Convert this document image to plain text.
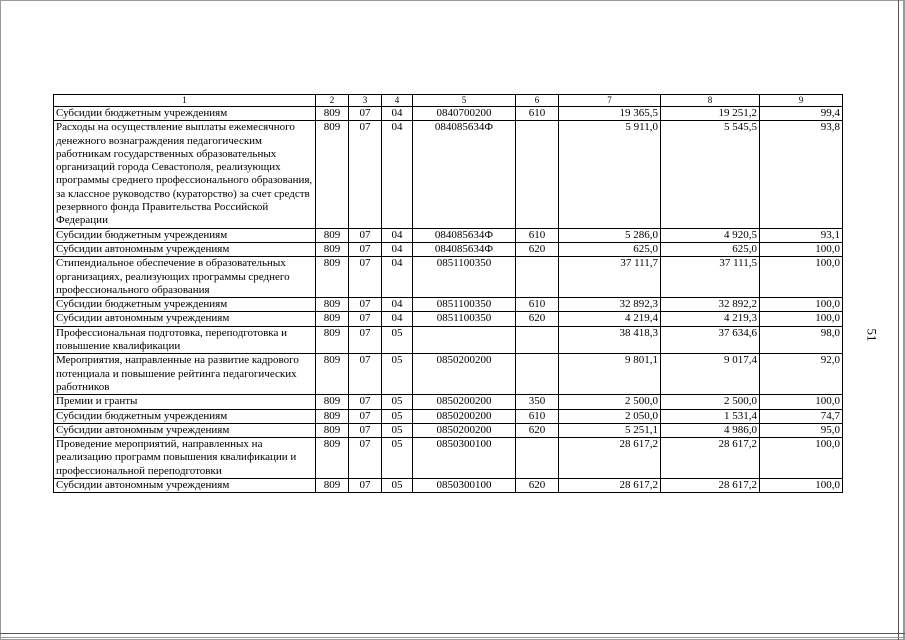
1	2	3	4	5	6	7	8	9
Субсидии бюджетным учреждениям	809	07	04	0840700200	610	19 365,5	19 251,2	99,4
Расходы на осуществление выплаты ежемесячного денежного вознаграждения педагогическим работникам государственных образовательных организаций города Севастополя, реализующих программы среднего профессионального образования, за классное руководство (кураторство) за счет средств резервного фонда Правительства Российской Федерации	809	07	04	084085634Ф		5 911,0	5 545,5	93,8
Субсидии бюджетным учреждениям	809	07	04	084085634Ф	610	5 286,0	4 920,5	93,1
Субсидии автономным учреждениям	809	07	04	084085634Ф	620	625,0	625,0	100,0
Стипендиальное обеспечение в образовательных организациях, реализующих программы среднего профессионального образования	809	07	04	0851100350		37 111,7	37 111,5	100,0
Субсидии бюджетным учреждениям	809	07	04	0851100350	610	32 892,3	32 892,2	100,0
Субсидии автономным учреждениям	809	07	04	0851100350	620	4 219,4	4 219,3	100,0
Профессиональная подготовка, переподготовка и повышение квалификации	809	07	05			38 418,3	37 634,6	98,0
Мероприятия, направленные на развитие кадрового потенциала и повышение рейтинга педагогических работников	809	07	05	0850200200		9 801,1	9 017,4	92,0
Премии и гранты	809	07	05	0850200200	350	2 500,0	2 500,0	100,0
Субсидии бюджетным учреждениям	809	07	05	0850200200	610	2 050,0	1 531,4	74,7
Субсидии автономным учреждениям	809	07	05	0850200200	620	5 251,1	4 986,0	95,0
Проведение мероприятий, направленных на реализацию программ повышения квалификации и профессиональной переподготовки	809	07	05	0850300100		28 617,2	28 617,2	100,0
Субсидии автономным учреждениям	809	07	05	0850300100	620	28 617,2	28 617,2	100,0
51
